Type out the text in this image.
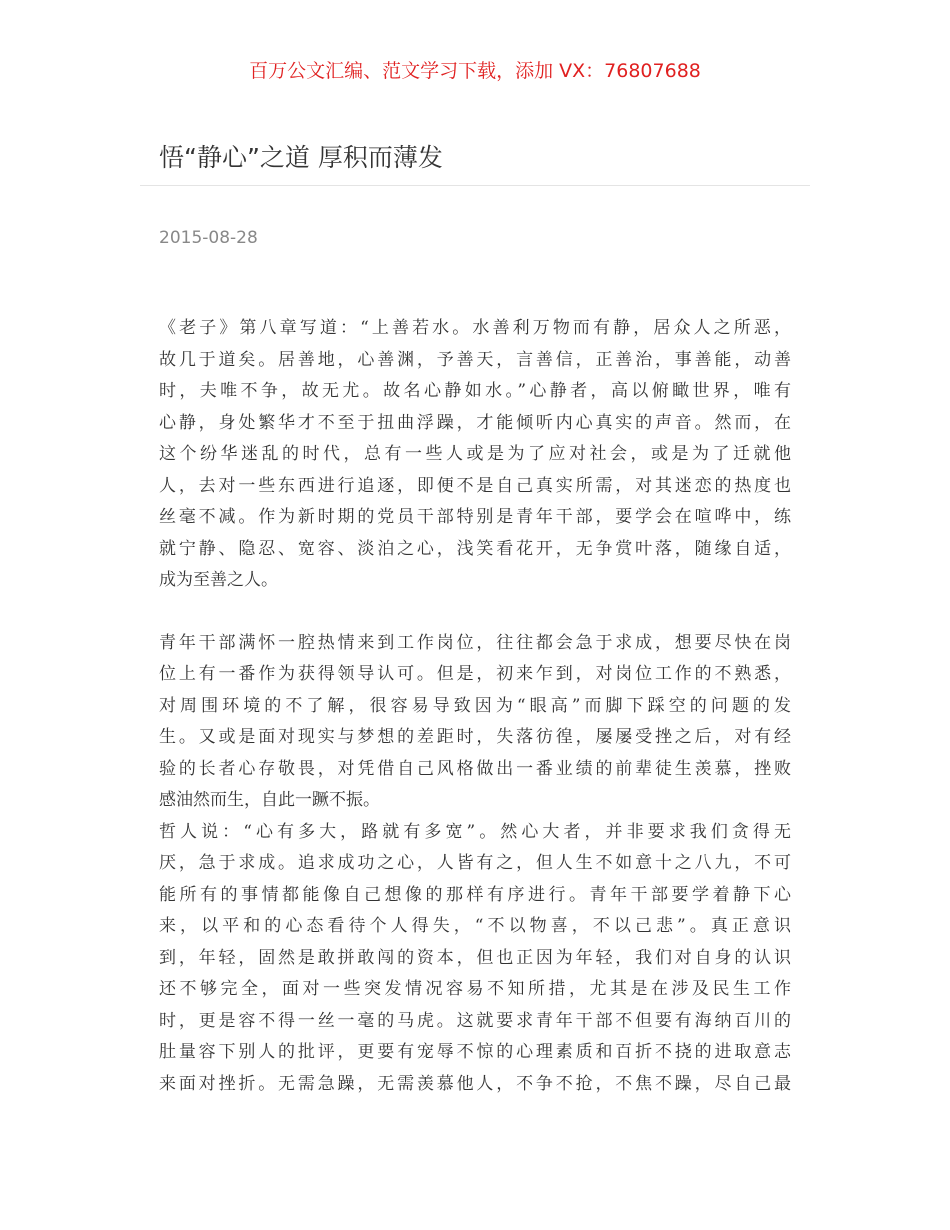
百万公文汇编、范文学习下载，添加 VX：76807688
悟“静心”之道 厚积而薄发
2015-08-28
《老子》第八章写道：“上善若水。水善利万物而有静，居众人之所恶，
故几于道矣。居善地，心善渊，予善天，言善信，正善治，事善能，动善
时，夫唯不争，故无尤。故名心静如水。”心静者，高以俯瞰世界，唯有
心静，身处繁华才不至于扭曲浮躁，才能倾听内心真实的声音。然而，在
这个纷华迷乱的时代，总有一些人或是为了应对社会，或是为了迁就他
人，去对一些东西进行追逐，即便不是自己真实所需，对其迷恋的热度也
丝毫不减。作为新时期的党员干部特别是青年干部，要学会在喧哗中，练
就宁静、隐忍、宽容、淡泊之心，浅笑看花开，无争赏叶落，随缘自适，
成为至善之人。
青年干部满怀一腔热情来到工作岗位，往往都会急于求成，想要尽快在岗
位上有一番作为获得领导认可。但是，初来乍到，对岗位工作的不熟悉，
对周围环境的不了解，很容易导致因为“眼高”而脚下踩空的问题的发
生。又或是面对现实与梦想的差距时，失落彷徨，屡屡受挫之后，对有经
验的长者心存敬畏，对凭借自己风格做出一番业绩的前辈徒生羡慕，挫败
感油然而生，自此一蹶不振。
哲人说：“心有多大，路就有多宽”。然心大者，并非要求我们贪得无
厌，急于求成。追求成功之心，人皆有之，但人生不如意十之八九，不可
能所有的事情都能像自己想像的那样有序进行。青年干部要学着静下心
来，以平和的心态看待个人得失，“不以物喜，不以己悲”。真正意识
到，年轻，固然是敢拼敢闯的资本，但也正因为年轻，我们对自身的认识
还不够完全，面对一些突发情况容易不知所措，尤其是在涉及民生工作
时，更是容不得一丝一毫的马虎。这就要求青年干部不但要有海纳百川的
肚量容下别人的批评，更要有宠辱不惊的心理素质和百折不挠的进取意志
来面对挫折。无需急躁，无需羡慕他人，不争不抢，不焦不躁，尽自己最
